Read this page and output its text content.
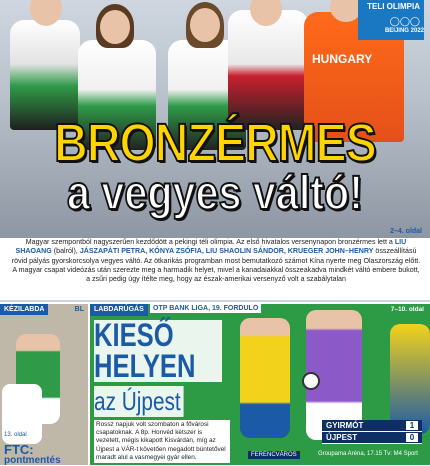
HUNGARY
TELI OLIMPIA
◯◯◯
BEIJING 2022
BRONZÉRMES
a vegyes váltó!
2–4. oldal
Magyar szempontból nagyszerűen kezdődött a pekingi téli olimpia. Az első hivatalos versenynapon bronzérmes lett a LIU SHAOANG (balról), JÁSZAPÁTI PETRA, KÓNYA ZSÓFIA, LIU SHAOLIN SÁNDOR, KRUEGER JOHN–HENRY összeállítású rövid pályás gyorskorcsolya vegyes váltó. Az ötkarikás programban most bemutatkozó számot Kína nyerte meg Olaszország előtt. A magyar csapat videózás után szerezte meg a harmadik helyet, mivel a kanadaiakkal összeakadva mindkét váltó embere bukott, a zsűri pedig úgy ítélte meg, hogy az észak-amerikai versenyző volt a szabálytalan
KÉZILABDA	BL
13. oldal
FTC:
pontmentés
LABDARÚGÁS	OTP BANK LIGA, 19. FORDULÓ	7–10. oldal
KIESŐ
HELYEN
az Újpest
Rossz napjuk volt szombaton a fővárosi csapatoknak. A 8p. Honvéd kétszer is vezetett, mégis kikapott Kisvárdán, míg az Újpest a VÁR-t követően megadott büntetővel maradt alul a vasmegyei gyár ellen.
GYIRMÓT	1
ÚJPEST	0
FERENCVÁROS	Groupama Aréna, 17.15 Tv: M4 Sport
